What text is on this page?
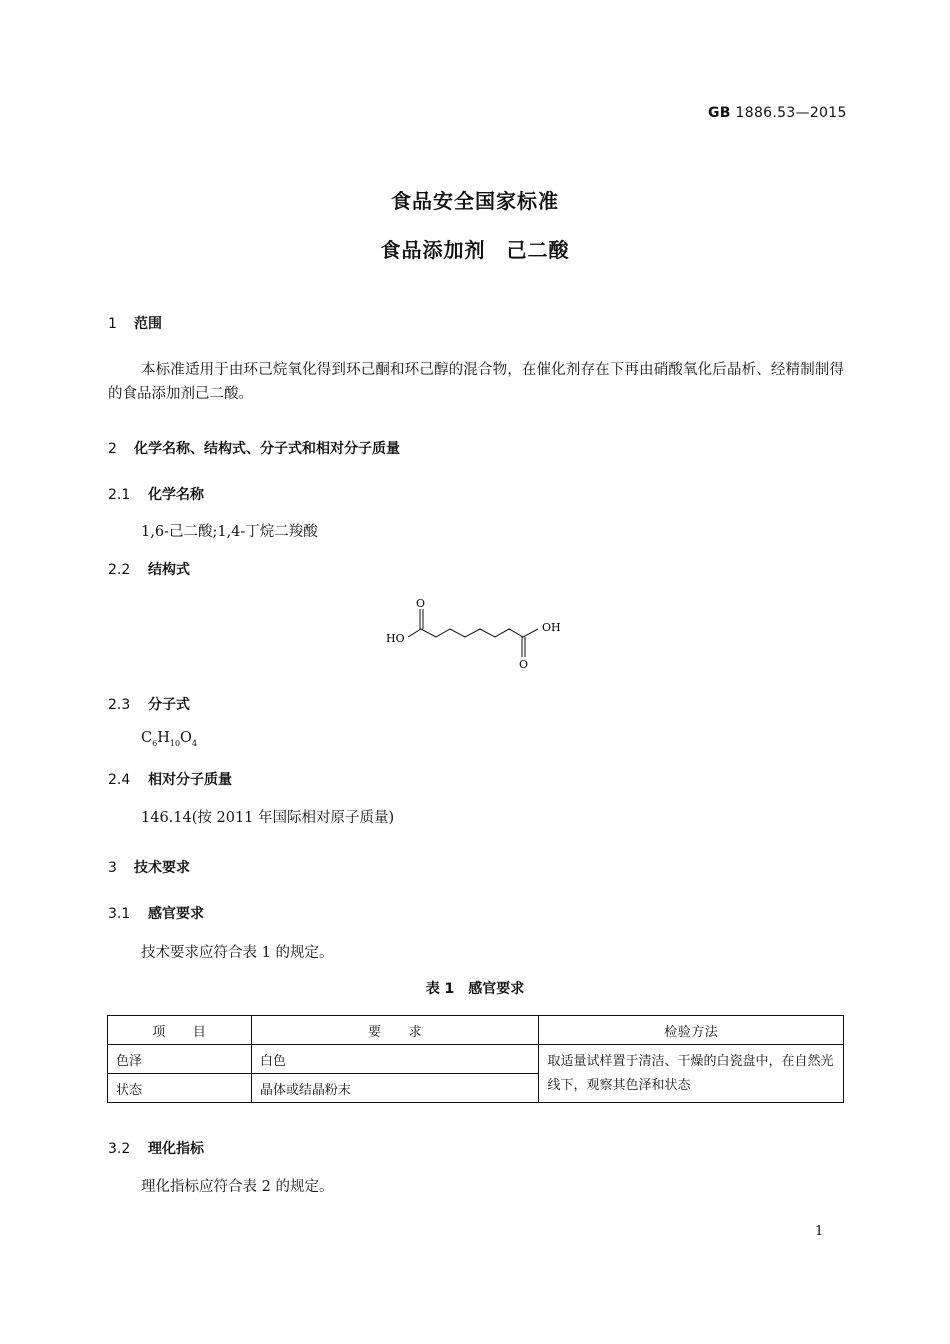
GB 1886.53—2015
食品安全国家标准
食品添加剂　己二酸
1 范围
本标准适用于由环己烷氧化得到环己酮和环己醇的混合物，在催化剂存在下再由硝酸氧化后晶析、经精制制得的食品添加剂己二酸。
2 化学名称、结构式、分子式和相对分子质量
2.1 化学名称
1,6-己二酸;1,4-丁烷二羧酸
2.2 结构式
O
O
HO
OH
2.3 分子式
$C_6H_{10}O_4$
2.4 相对分子质量
146.14(按 2011 年国际相对原子质量)
3 技术要求
3.1 感官要求
技术要求应符合表 1 的规定。
表 1　感官要求
项　　目	要　　求	检验方法
色泽	白色	取适量试样置于清洁、干燥的白瓷盘中，在自然光线下，观察其色泽和状态
状态	晶体或结晶粉末	
3.2 理化指标
理化指标应符合表 2 的规定。
1
